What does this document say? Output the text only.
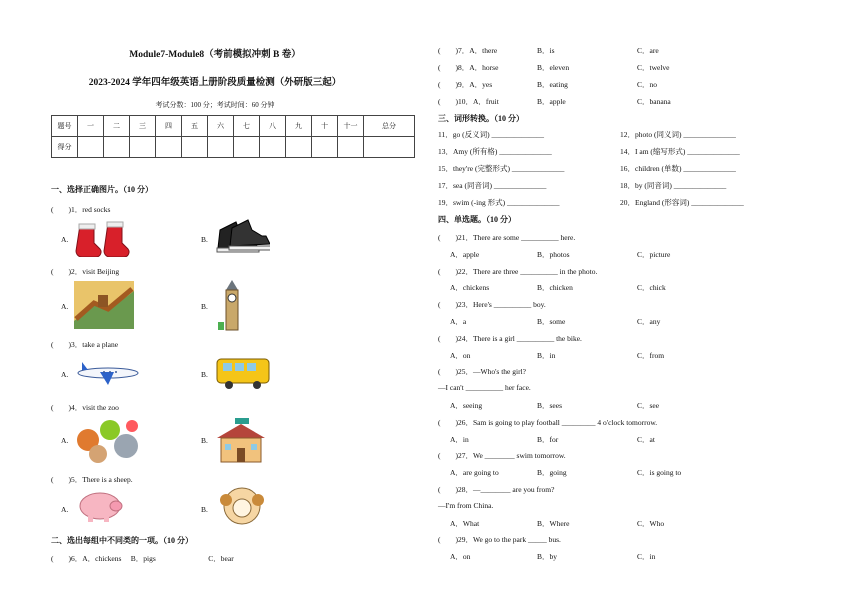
Module7-Module8（考前模拟冲刺 B 卷）
2023-2024 学年四年级英语上册阶段质量检测（外研版三起）
考试分数：100 分；考试时间：60 分钟
题号	一	二	三	四	五	六	七	八	九	十	十一	总分
得分												
一、选择正确图片。（10 分）
(　　)1．red socks
A.	B.
(　　)2．visit Beijing
A.	B.
(　　)3．take a plane
A.	B.
(　　)4．visit the zoo
A.	B.
(　　)5．There is a sheep.
A.	B.
二、选出每组中不同类的一项。（10 分）
(　　)6．A．chickens　 B．pigs　　　　　　　C．bear
(　　)7．A．there	B．is	C．are
(　　)8．A．horse	B．eleven	C．twelve
(　　)9．A．yes	B．eating	C．no
(　　)10．A．fruit	B．apple	C．banana
三、词形转换。（10 分）
11．go (反义词) ______________	12．photo (同义词) ______________
13．Amy (所有格) ______________	14．I am (缩写形式) ______________
15．they're (完整形式) ______________	16．children (单数) ______________
17．sea (同音词) ______________	18．by (同音词) ______________
19．swim (-ing 形式) ______________	20．England (形容词) ______________
四、单选题。（10 分）
(　　)21．There are some __________ here.
A．apple	B．photos	C．picture
(　　)22．There are three __________ in the photo.
A．chickens	B．chicken	C．chick
(　　)23．Here's __________ boy.
A．a	B．some	C．any
(　　)24．There is a girl __________ the bike.
A．on	B．in	C．from
(　　)25．—Who's the girl?
—I can't __________ her face.
A．seeing	B．sees	C．see
(　　)26．Sam is going to play football _________ 4 o'clock tomorrow.
A．in	B．for	C．at
(　　)27．We ________ swim tomorrow.
A．are going to	B．going	C．is going to
(　　)28．—________ are you from?
—I'm from China.
A．What	B．Where	C．Who
(　　)29．We go to the park _____ bus.
A．on	B．by	C．in
